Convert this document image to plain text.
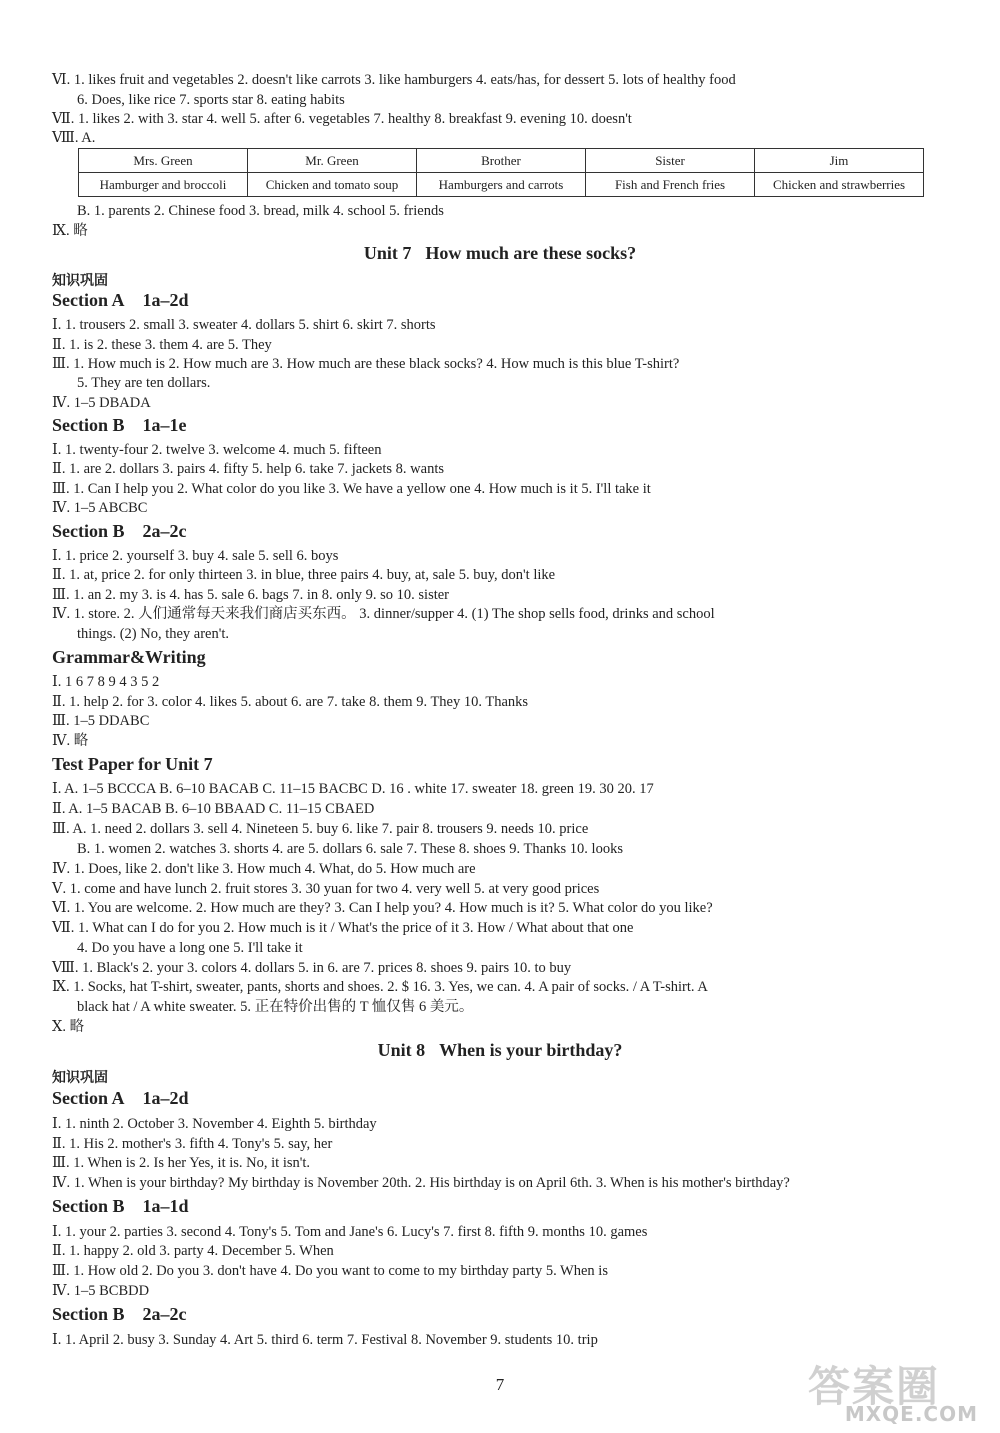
Ⅵ. 1. likes fruit and vegetables 2. doesn't like carrots 3. like hamburgers 4. eats/has, for dessert 5. lots of healthy food
6. Does, like rice 7. sports star 8. eating habits
Ⅶ. 1. likes 2. with 3. star 4. well 5. after 6. vegetables 7. healthy 8. breakfast 9. evening 10. doesn't
Ⅷ. A.
Mrs. Green	Mr. Green	Brother	Sister	Jim
Hamburger and broccoli	Chicken and tomato soup	Hamburgers and carrots	Fish and French fries	Chicken and strawberries
B. 1. parents 2. Chinese food 3. bread, milk 4. school 5. friends
Ⅸ. 略
Unit 7 How much are these socks?
知识巩固
Section A 1a–2d
Ⅰ. 1. trousers 2. small 3. sweater 4. dollars 5. shirt 6. skirt 7. shorts
Ⅱ. 1. is 2. these 3. them 4. are 5. They
Ⅲ. 1. How much is 2. How much are 3. How much are these black socks? 4. How much is this blue T-shirt?
5. They are ten dollars.
Ⅳ. 1–5 DBADA
Section B 1a–1e
Ⅰ. 1. twenty-four 2. twelve 3. welcome 4. much 5. fifteen
Ⅱ. 1. are 2. dollars 3. pairs 4. fifty 5. help 6. take 7. jackets 8. wants
Ⅲ. 1. Can I help you 2. What color do you like 3. We have a yellow one 4. How much is it 5. I'll take it
Ⅳ. 1–5 ABCBC
Section B 2a–2c
Ⅰ. 1. price 2. yourself 3. buy 4. sale 5. sell 6. boys
Ⅱ. 1. at, price 2. for only thirteen 3. in blue, three pairs 4. buy, at, sale 5. buy, don't like
Ⅲ. 1. an 2. my 3. is 4. has 5. sale 6. bags 7. in 8. only 9. so 10. sister
Ⅳ. 1. store. 2. 人们通常每天来我们商店买东西。 3. dinner/supper 4. (1) The shop sells food, drinks and school
things. (2) No, they aren't.
Grammar&Writing
Ⅰ. 1 6 7 8 9 4 3 5 2
Ⅱ. 1. help 2. for 3. color 4. likes 5. about 6. are 7. take 8. them 9. They 10. Thanks
Ⅲ. 1–5 DDABC
Ⅳ. 略
Test Paper for Unit 7
Ⅰ. A. 1–5 BCCCA B. 6–10 BACAB C. 11–15 BACBC D. 16 . white 17. sweater 18. green 19. 30 20. 17
Ⅱ. A. 1–5 BACAB B. 6–10 BBAAD C. 11–15 CBAED
Ⅲ. A. 1. need 2. dollars 3. sell 4. Nineteen 5. buy 6. like 7. pair 8. trousers 9. needs 10. price
B. 1. women 2. watches 3. shorts 4. are 5. dollars 6. sale 7. These 8. shoes 9. Thanks 10. looks
Ⅳ. 1. Does, like 2. don't like 3. How much 4. What, do 5. How much are
Ⅴ. 1. come and have lunch 2. fruit stores 3. 30 yuan for two 4. very well 5. at very good prices
Ⅵ. 1. You are welcome. 2. How much are they? 3. Can I help you? 4. How much is it? 5. What color do you like?
Ⅶ. 1. What can I do for you 2. How much is it / What's the price of it 3. How / What about that one
4. Do you have a long one 5. I'll take it
Ⅷ. 1. Black's 2. your 3. colors 4. dollars 5. in 6. are 7. prices 8. shoes 9. pairs 10. to buy
Ⅸ. 1. Socks, hat T-shirt, sweater, pants, shorts and shoes. 2. $ 16. 3. Yes, we can. 4. A pair of socks. / A T-shirt. A
black hat / A white sweater. 5. 正在特价出售的 T 恤仅售 6 美元。
Ⅹ. 略
Unit 8 When is your birthday?
知识巩固
Section A 1a–2d
Ⅰ. 1. ninth 2. October 3. November 4. Eighth 5. birthday
Ⅱ. 1. His 2. mother's 3. fifth 4. Tony's 5. say, her
Ⅲ. 1. When is 2. Is her Yes, it is. No, it isn't.
Ⅳ. 1. When is your birthday? My birthday is November 20th. 2. His birthday is on April 6th. 3. When is his mother's birthday?
Section B 1a–1d
Ⅰ. 1. your 2. parties 3. second 4. Tony's 5. Tom and Jane's 6. Lucy's 7. first 8. fifth 9. months 10. games
Ⅱ. 1. happy 2. old 3. party 4. December 5. When
Ⅲ. 1. How old 2. Do you 3. don't have 4. Do you want to come to my birthday party 5. When is
Ⅳ. 1–5 BCBDD
Section B 2a–2c
Ⅰ. 1. April 2. busy 3. Sunday 4. Art 5. third 6. term 7. Festival 8. November 9. students 10. trip
7	答案圈
MXQE.COM
